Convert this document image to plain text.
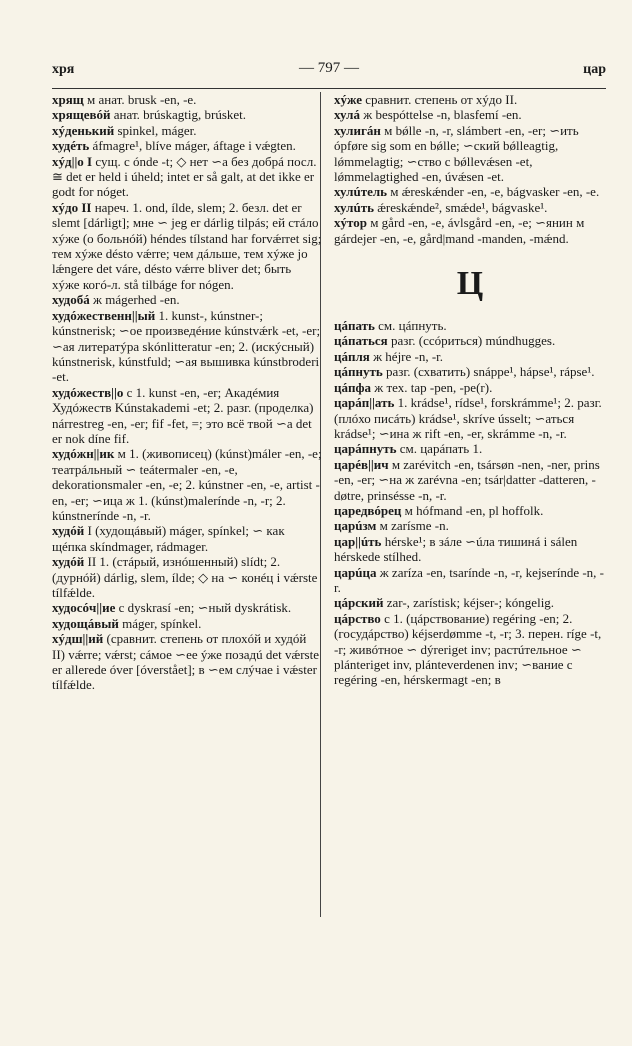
хря	— 797 —	цар
хрящ м анат. brusk -en, -e.
хрящевóй анат. brúskagtig, brúsket.
хýденький spinkel, máger.
худéть áfmagre¹, blíve máger, áftage i vǽgten.
хýд||о I сущ. с ónde -t; ◇ нет ∽а без добрá посл. ≅ det er held i úheld; intet er så galt, at det ikke er godt for nóget.
хýдо II нареч. 1. ond, ílde, slem; 2. безл. det er slemt [dárligt]; мне ∽ jeg er dárlig tilpás; ей стáло хýже (о больнóй) héndes tílstand har forvǽrret sig; тем хýже désto vǽrre; чем дáльше, тем хýже jo lǽngere det váre, désto vǽrre bliver det; быть хýже когó-л. stå tilbáge for nógen.
худобá ж mágerhed -en.
худóжественн||ый 1. kunst-, kúnstner-; kúnstnerisk; ∽ое произведéние kúnstvǽrk -et, -er; ∽ая литератýра skónlitteratur -en; 2. (искýсный) kúnstnerisk, kúnstfuld; ∽ая вышивка kúnstbroderi -et.
худóжеств||о с 1. kunst -en, -er; Акадéмия Худóжеств Kúnstakademi -et; 2. разг. (проделка) nárrestreg -en, -er; fif -fet, =; это всё твой ∽а det er nok díne fif.
худóжн||ик м 1. (живописец) (kúnst)máler -en, -e; театрáльный ∽ teátermaler -en, -e, dekorationsmaler -en, -e; 2. kúnstner -en, -e, artist -en, -er; ∽ица ж 1. (kúnst)malerínde -n, -r; 2. kúnstnerínde -n, -r.
худóй I (худощáвый) máger, spínkel; ∽ как щéпка skíndmager, rádmager.
худóй II 1. (стáрый, изнóшенный) slídt; 2. (дурнóй) dárlig, slem, ílde; ◇ на ∽ конéц i vǽrste tílfǽlde.
худосóч||ие с dyskrasí -en; ∽ный dyskrátisk.
худощáвый máger, spínkel.
хýдш||ий (сравнит. степень от плохóй и худóй II) vǽrre; vǽrst; сáмое ∽ее ýже позадú det vǽrste er allerede óver [óverstået]; в ∽ем слýчае i vǽster tílfǽlde.
хýже сравнит. степень от хýдо II.
хулá ж bespóttelse -n, blasfemí -en.
хулигáн м bǿlle -n, -r, slámbert -en, -er; ∽ить ópføre sig som en bǿlle; ∽ский bǿlleagtig, lǿmmelagtig; ∽ство с bǿllevǽsen -et, lǿmmelagtighed -en, úvǽsen -et.
хулúтель м ǽreskǽnder -en, -e, bágvasker -en, -e.
хулúть ǽreskǽnde², smǽde¹, bágvaske¹.
хýтор м gård -en, -e, ávlsgård -en, -e; ∽янин м gárdejer -en, -e, gård|mand -manden, -mǽnd.
Ц
цáпать см. цáпнуть.
цáпаться разг. (ссóриться) múndhugges.
цáпля ж héjre -n, -r.
цáпнуть разг. (схватить) snáppe¹, hápse¹, rápse¹.
цáпфа ж тех. tap -pen, -pe(r).
царáп||ать 1. krádse¹, rídse¹, forskrámme¹; 2. разг. (плóхо писáть) krádse¹, skríve ússelt; ∽аться krádse¹; ∽ина ж rift -en, -er, skrámme -n, -r.
царáпнуть см. царáпать 1.
царéв||ич м zarévitch -en, tsársøn -nen, -ner, prins -en, -er; ∽на ж zarévna -en; tsár|datter -datteren, -døtre, prinsésse -n, -r.
царедвóрец м hófmand -en, pl hoffolk.
царúзм м zarísme -n.
цар||úть hérske¹; в зáле ∽úла тишинá i sálen hérskede stílhed.
царúца ж zaríza -en, tsarínde -n, -r, kejserínde -n, -r.
цáрский zar-, zarístisk; kéjser-; kóngelig.
цáрство с 1. (цáрствование) regéring -en; 2. (госудáрство) kéjserdømme -t, -r; 3. перен. ríge -t, -r; живóтное ∽ dýreriget inv; растúтельное ∽ plánteriget inv, plánteverdenen inv; ∽вание с regéring -en, hérskermagt -en; в
